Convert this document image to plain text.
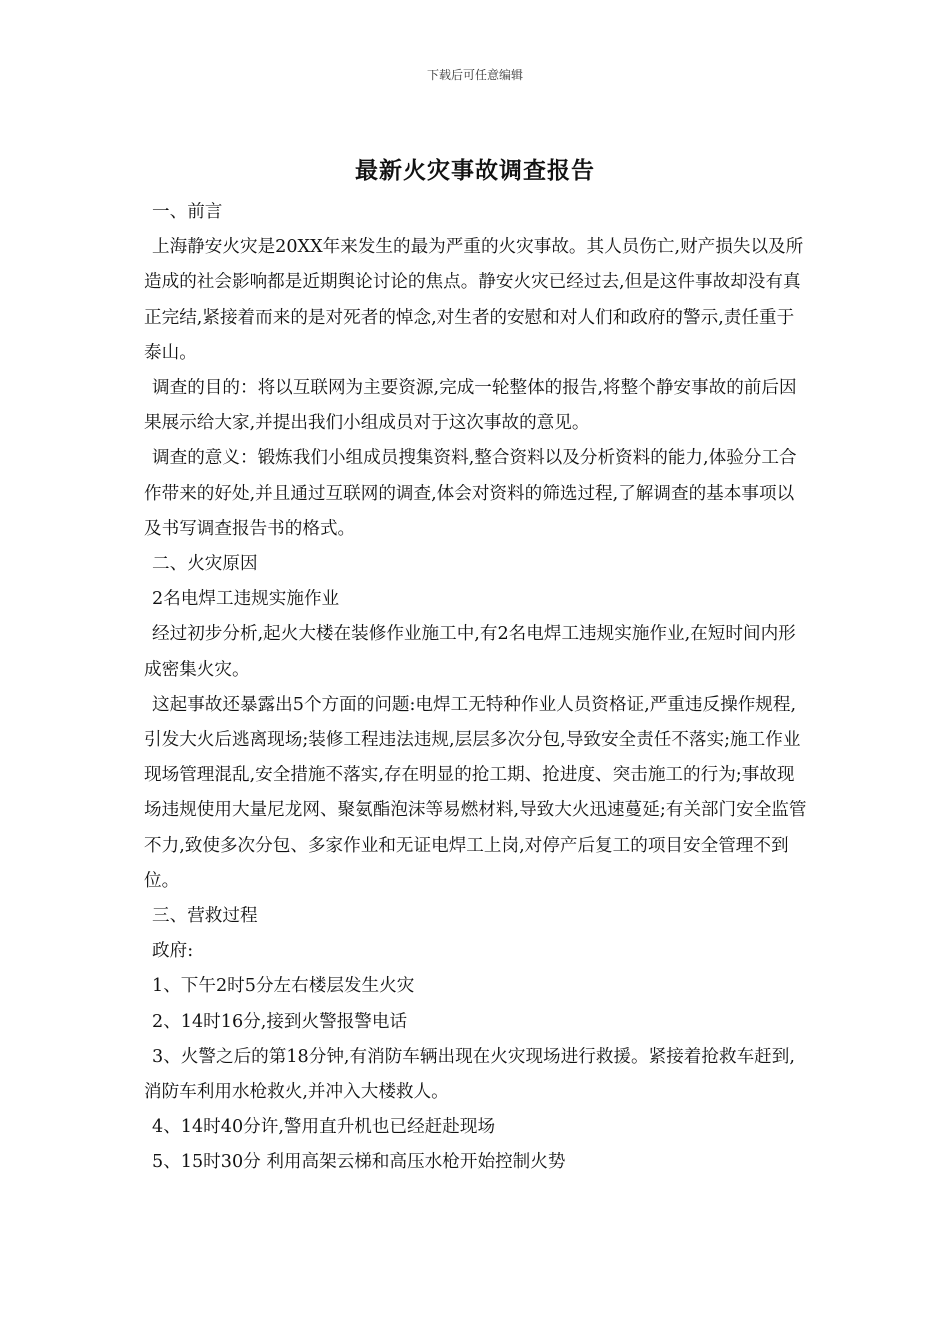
下载后可任意编辑
最新火灾事故调查报告

一、前言

上海静安火灾是20XX年来发生的最为严重的火灾事故。其人员伤亡,财产损失以及所造成的社会影响都是近期舆论讨论的焦点。静安火灾已经过去,但是这件事故却没有真正完结,紧接着而来的是对死者的悼念,对生者的安慰和对人们和政府的警示,责任重于泰山。

调查的目的：将以互联网为主要资源,完成一轮整体的报告,将整个静安事故的前后因果展示给大家,并提出我们小组成员对于这次事故的意见。

调查的意义：锻炼我们小组成员搜集资料,整合资料以及分析资料的能力,体验分工合作带来的好处,并且通过互联网的调查,体会对资料的筛选过程,了解调查的基本事项以及书写调查报告书的格式。

二、火灾原因

2名电焊工违规实施作业

经过初步分析,起火大楼在装修作业施工中,有2名电焊工违规实施作业,在短时间内形成密集火灾。

这起事故还暴露出5个方面的问题:电焊工无特种作业人员资格证,严重违反操作规程,引发大火后逃离现场;装修工程违法违规,层层多次分包,导致安全责任不落实;施工作业现场管理混乱,安全措施不落实,存在明显的抢工期、抢进度、突击施工的行为;事故现场违规使用大量尼龙网、聚氨酯泡沫等易燃材料,导致大火迅速蔓延;有关部门安全监管不力,致使多次分包、多家作业和无证电焊工上岗,对停产后复工的项目安全管理不到位。

三、营救过程

政府:

1、下午2时5分左右楼层发生火灾

2、14时16分,接到火警报警电话

3、火警之后的第18分钟,有消防车辆出现在火灾现场进行救援。紧接着抢救车赶到,消防车利用水枪救火,并冲入大楼救人。

4、14时40分许,警用直升机也已经赶赴现场

5、15时30分 利用高架云梯和高压水枪开始控制火势
